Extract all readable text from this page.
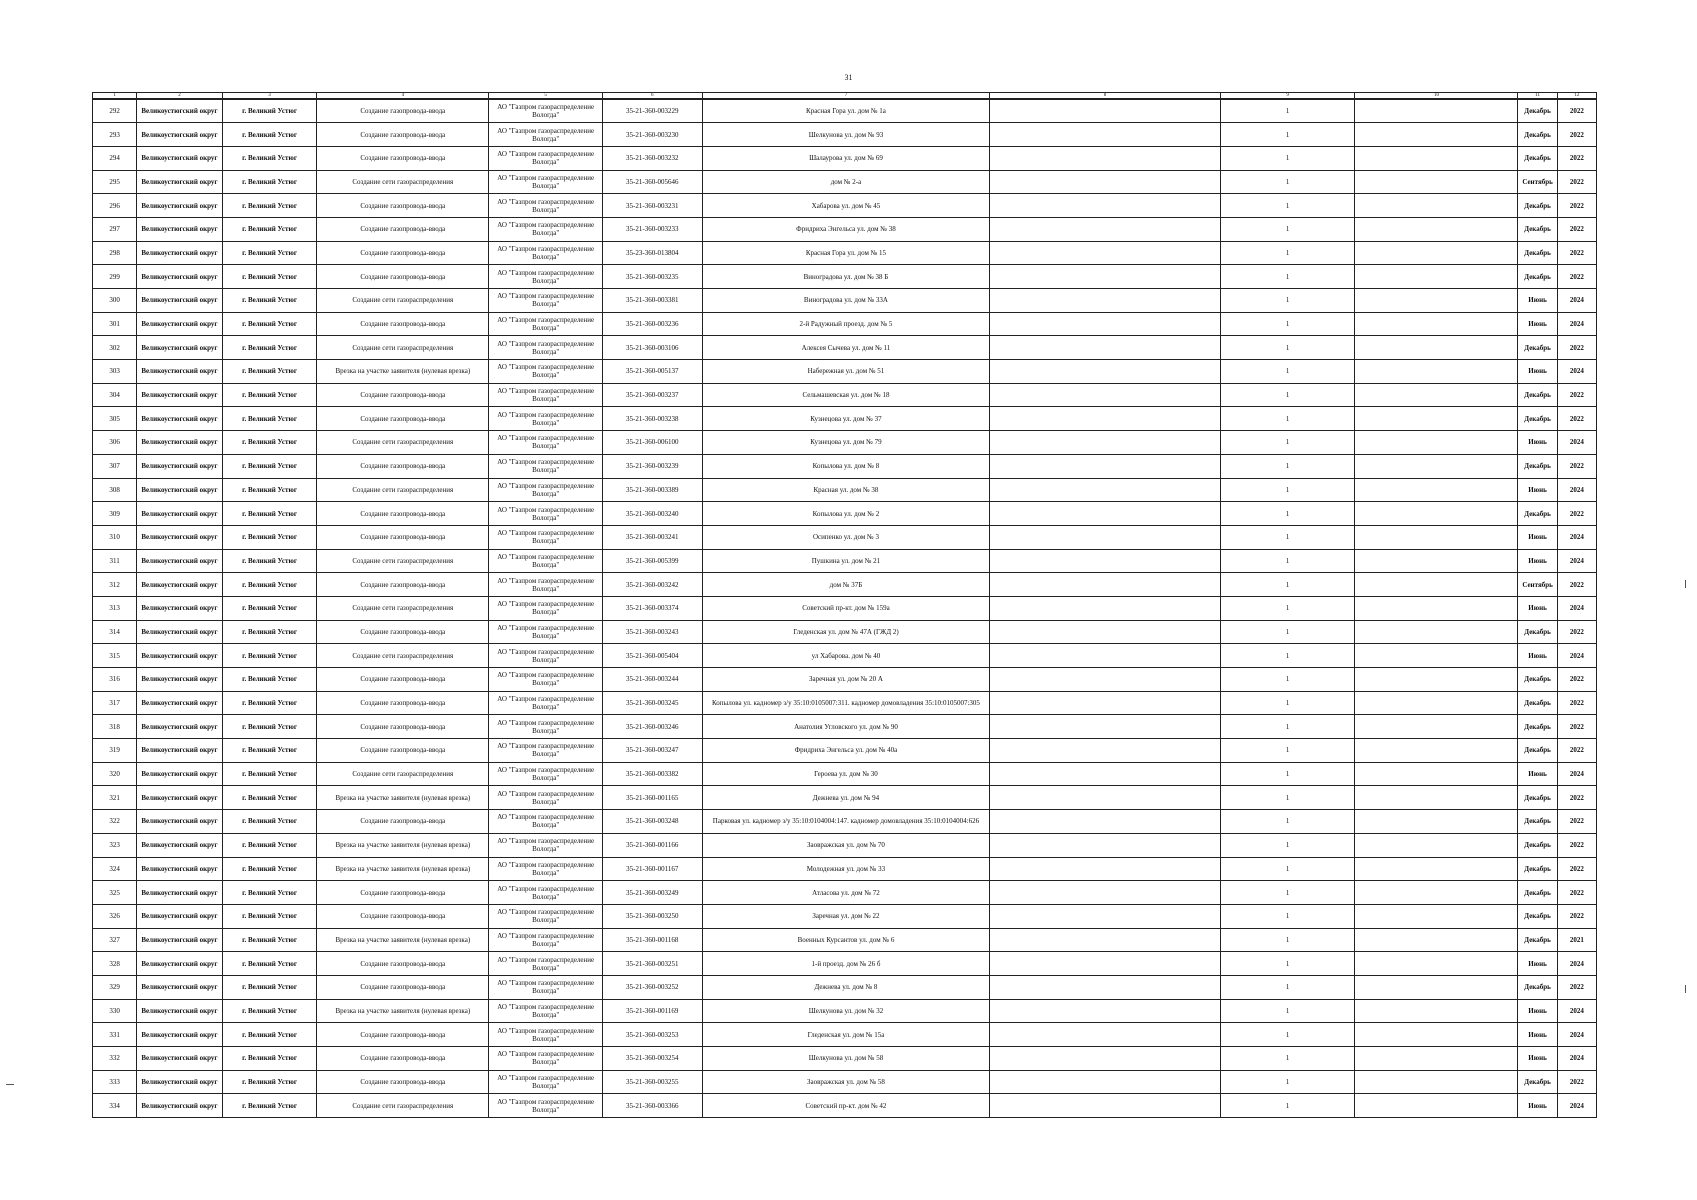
31
1	2	3	4	5	6	7	8	9	10	11	12
292	Великоустюгский округ	г. Великий Устюг	Создание газопровода-ввода	АО "Газпром газораспределение Вологда"	35-21-360-003229	Красная Гора ул. дом № 1а		1		Декабрь	2022
293	Великоустюгский округ	г. Великий Устюг	Создание газопровода-ввода	АО "Газпром газораспределение Вологда"	35-21-360-003230	Шелкунова ул. дом № 93		1		Декабрь	2022
294	Великоустюгский округ	г. Великий Устюг	Создание газопровода-ввода	АО "Газпром газораспределение Вологда"	35-21-360-003232	Шалаурова ул. дом № 69		1		Декабрь	2022
295	Великоустюгский округ	г. Великий Устюг	Создание сети газораспределения	АО "Газпром газораспределение Вологда"	35-21-360-005646	дом № 2-а		1		Сентябрь	2022
296	Великоустюгский округ	г. Великий Устюг	Создание газопровода-ввода	АО "Газпром газораспределение Вологда"	35-21-360-003231	Хабарова ул. дом № 45		1		Декабрь	2022
297	Великоустюгский округ	г. Великий Устюг	Создание газопровода-ввода	АО "Газпром газораспределение Вологда"	35-21-360-003233	Фридриха Энгельса ул. дом № 38		1		Декабрь	2022
298	Великоустюгский округ	г. Великий Устюг	Создание газопровода-ввода	АО "Газпром газораспределение Вологда"	35-23-360-013804	Красная Гора ул. дом № 15		1		Декабрь	2022
299	Великоустюгский округ	г. Великий Устюг	Создание газопровода-ввода	АО "Газпром газораспределение Вологда"	35-21-360-003235	Виноградова ул. дом № 38 Б		1		Декабрь	2022
300	Великоустюгский округ	г. Великий Устюг	Создание сети газораспределения	АО "Газпром газораспределение Вологда"	35-21-360-003381	Виноградова ул. дом № 33А		1		Июнь	2024
301	Великоустюгский округ	г. Великий Устюг	Создание газопровода-ввода	АО "Газпром газораспределение Вологда"	35-21-360-003236	2-й Радужный проезд. дом № 5		1		Июнь	2024
302	Великоустюгский округ	г. Великий Устюг	Создание сети газораспределения	АО "Газпром газораспределение Вологда"	35-21-360-003106	Алексея Сычева ул. дом № 11		1		Декабрь	2022
303	Великоустюгский округ	г. Великий Устюг	Врезка на участке заявителя (нулевая врезка)	АО "Газпром газораспределение Вологда"	35-21-360-005137	Набережная ул. дом № 51		1		Июнь	2024
304	Великоустюгский округ	г. Великий Устюг	Создание газопровода-ввода	АО "Газпром газораспределение Вологда"	35-21-360-003237	Сельмашевская ул. дом № 18		1		Декабрь	2022
305	Великоустюгский округ	г. Великий Устюг	Создание газопровода-ввода	АО "Газпром газораспределение Вологда"	35-21-360-003238	Кузнецова ул. дом № 37		1		Декабрь	2022
306	Великоустюгский округ	г. Великий Устюг	Создание сети газораспределения	АО "Газпром газораспределение Вологда"	35-21-360-006100	Кузнецова ул. дом № 79		1		Июнь	2024
307	Великоустюгский округ	г. Великий Устюг	Создание газопровода-ввода	АО "Газпром газораспределение Вологда"	35-21-360-003239	Копылова ул. дом № 8		1		Декабрь	2022
308	Великоустюгский округ	г. Великий Устюг	Создание сети газораспределения	АО "Газпром газораспределение Вологда"	35-21-360-003389	Красная ул. дом № 38		1		Июнь	2024
309	Великоустюгский округ	г. Великий Устюг	Создание газопровода-ввода	АО "Газпром газораспределение Вологда"	35-21-360-003240	Копылова ул. дом № 2		1		Декабрь	2022
310	Великоустюгский округ	г. Великий Устюг	Создание газопровода-ввода	АО "Газпром газораспределение Вологда"	35-21-360-003241	Осипенко ул. дом № 3		1		Июнь	2024
311	Великоустюгский округ	г. Великий Устюг	Создание сети газораспределения	АО "Газпром газораспределение Вологда"	35-21-360-005399	Пушкина ул. дом № 21		1		Июнь	2024
312	Великоустюгский округ	г. Великий Устюг	Создание газопровода-ввода	АО "Газпром газораспределение Вологда"	35-21-360-003242	дом № 37Б		1		Сентябрь	2022
313	Великоустюгский округ	г. Великий Устюг	Создание сети газораспределения	АО "Газпром газораспределение Вологда"	35-21-360-003374	Советский пр-кт. дом № 159а		1		Июнь	2024
314	Великоустюгский округ	г. Великий Устюг	Создание газопровода-ввода	АО "Газпром газораспределение Вологда"	35-21-360-003243	Гледенская ул. дом № 47А (ГЖД 2)		1		Декабрь	2022
315	Великоустюгский округ	г. Великий Устюг	Создание сети газораспределения	АО "Газпром газораспределение Вологда"	35-21-360-005404	ул Хабарова. дом № 40		1		Июнь	2024
316	Великоустюгский округ	г. Великий Устюг	Создание газопровода-ввода	АО "Газпром газораспределение Вологда"	35-21-360-003244	Заречная ул. дом № 20 А		1		Декабрь	2022
317	Великоустюгский округ	г. Великий Устюг	Создание газопровода-ввода	АО "Газпром газораспределение Вологда"	35-21-360-003245	Копылова ул. кадномер з/у 35:10:0105007:311. кадномер домовладения 35:10:0105007:305		1		Декабрь	2022
318	Великоустюгский округ	г. Великий Устюг	Создание газопровода-ввода	АО "Газпром газораспределение Вологда"	35-21-360-003246	Анатолия Угловского ул. дом № 90		1		Декабрь	2022
319	Великоустюгский округ	г. Великий Устюг	Создание газопровода-ввода	АО "Газпром газораспределение Вологда"	35-21-360-003247	Фридриха Энгельса ул. дом № 40а		1		Декабрь	2022
320	Великоустюгский округ	г. Великий Устюг	Создание сети газораспределения	АО "Газпром газораспределение Вологда"	35-21-360-003382	Героева ул. дом № 30		1		Июнь	2024
321	Великоустюгский округ	г. Великий Устюг	Врезка на участке заявителя (нулевая врезка)	АО "Газпром газораспределение Вологда"	35-21-360-001165	Дежнева ул. дом № 94		1		Декабрь	2022
322	Великоустюгский округ	г. Великий Устюг	Создание газопровода-ввода	АО "Газпром газораспределение Вологда"	35-21-360-003248	Парковая ул. кадномер з/у 35:10:0104004:147. кадномер домовладения 35:10:0104004:626		1		Декабрь	2022
323	Великоустюгский округ	г. Великий Устюг	Врезка на участке заявителя (нулевая врезка)	АО "Газпром газораспределение Вологда"	35-21-360-001166	Заовражская ул. дом № 70		1		Декабрь	2022
324	Великоустюгский округ	г. Великий Устюг	Врезка на участке заявителя (нулевая врезка)	АО "Газпром газораспределение Вологда"	35-21-360-001167	Молодежная ул. дом № 33		1		Декабрь	2022
325	Великоустюгский округ	г. Великий Устюг	Создание газопровода-ввода	АО "Газпром газораспределение Вологда"	35-21-360-003249	Атласова ул. дом № 72		1		Декабрь	2022
326	Великоустюгский округ	г. Великий Устюг	Создание газопровода-ввода	АО "Газпром газораспределение Вологда"	35-21-360-003250	Заречная ул. дом № 22		1		Декабрь	2022
327	Великоустюгский округ	г. Великий Устюг	Врезка на участке заявителя (нулевая врезка)	АО "Газпром газораспределение Вологда"	35-21-360-001168	Военных Курсантов ул. дом № 6		1		Декабрь	2021
328	Великоустюгский округ	г. Великий Устюг	Создание газопровода-ввода	АО "Газпром газораспределение Вологда"	35-21-360-003251	1-й проезд. дом № 26 б		1		Июнь	2024
329	Великоустюгский округ	г. Великий Устюг	Создание газопровода-ввода	АО "Газпром газораспределение Вологда"	35-21-360-003252	Дежнева ул. дом № 8		1		Декабрь	2022
330	Великоустюгский округ	г. Великий Устюг	Врезка на участке заявителя (нулевая врезка)	АО "Газпром газораспределение Вологда"	35-21-360-001169	Шелкунова ул. дом № 32		1		Июнь	2024
331	Великоустюгский округ	г. Великий Устюг	Создание газопровода-ввода	АО "Газпром газораспределение Вологда"	35-21-360-003253	Гледенская ул. дом № 15а		1		Июнь	2024
332	Великоустюгский округ	г. Великий Устюг	Создание газопровода-ввода	АО "Газпром газораспределение Вологда"	35-21-360-003254	Шелкунова ул. дом № 58		1		Июнь	2024
333	Великоустюгский округ	г. Великий Устюг	Создание газопровода-ввода	АО "Газпром газораспределение Вологда"	35-21-360-003255	Заовражская ул. дом № 58		1		Декабрь	2022
334	Великоустюгский округ	г. Великий Устюг	Создание сети газораспределения	АО "Газпром газораспределение Вологда"	35-21-360-003366	Советский пр-кт. дом № 42		1		Июнь	2024
